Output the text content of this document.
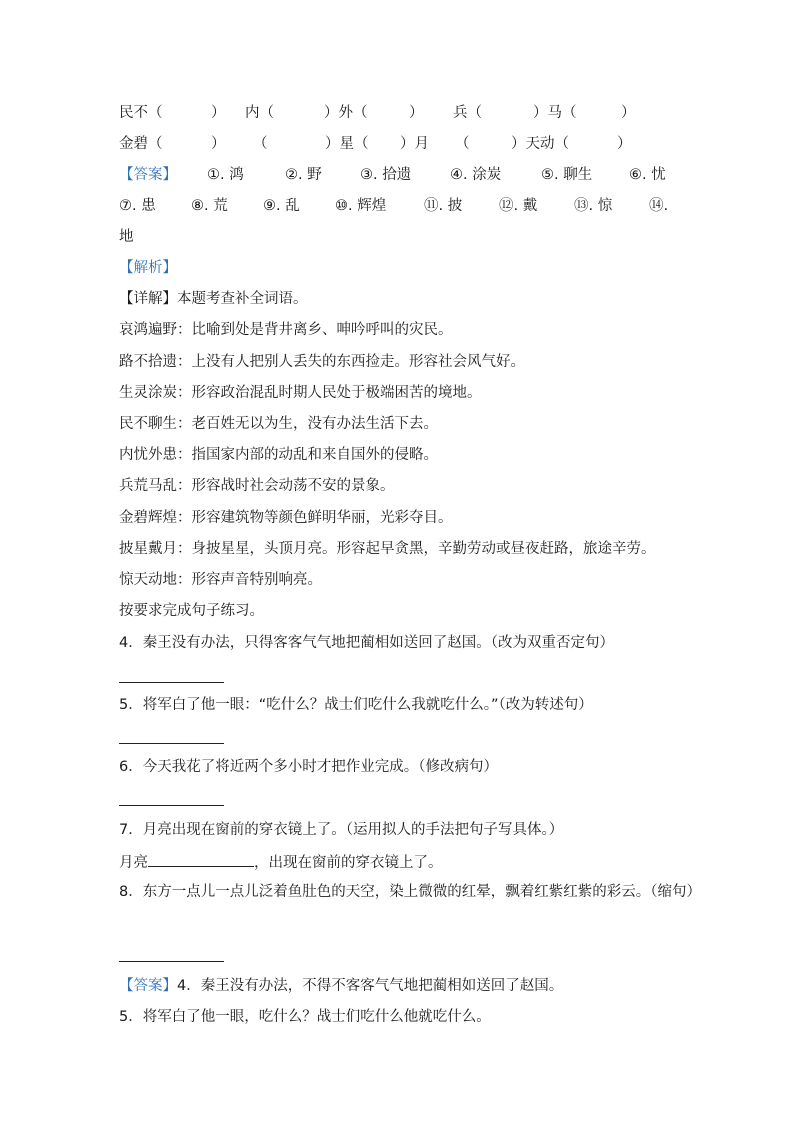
民不（	） 内（	）外（	） 兵（	）马（	）
金碧（	） （	）星（ ）月 （	）天动（	）
【答案】 ①. 鸿	②. 野	③. 拾遗	④. 涂炭	⑤. 聊生	⑥. 忧
⑦. 患 ⑧. 荒 ⑨. 乱 ⑩. 辉煌	⑪. 披	⑫. 戴	⑬. 惊	⑭.
地
【解析】
【详解】本题考查补全词语。
哀鸿遍野：比喻到处是背井离乡、呻吟呼叫的灾民。
路不拾遗：上没有人把别人丢失的东西捡走。形容社会风气好。
生灵涂炭：形容政治混乱时期人民处于极端困苦的境地。
民不聊生：老百姓无以为生，没有办法生活下去。
内忧外患：指国家内部的动乱和来自国外的侵略。
兵荒马乱：形容战时社会动荡不安的景象。
金碧辉煌：形容建筑物等颜色鲜明华丽，光彩夺目。
披星戴月：身披星星，头顶月亮。形容起早贪黑，辛勤劳动或昼夜赶路，旅途辛劳。
惊天动地：形容声音特别响亮。
按要求完成句子练习。
4．秦王没有办法，只得客客气气地把蔺相如送回了赵国。（改为双重否定句）
5．将军白了他一眼：“吃什么？战士们吃什么我就吃什么。”（改为转述句）
6．今天我花了将近两个多小时才把作业完成。（修改病句）
7．月亮出现在窗前的穿衣镜上了。（运用拟人的手法把句子写具体。）
月亮	，出现在窗前的穿衣镜上了。
8．东方一点儿一点儿泛着鱼肚色的天空，染上微微的红晕，飘着红紫红紫的彩云。（缩句）
【答案】4．秦王没有办法，不得不客客气气地把蔺相如送回了赵国。
5．将军白了他一眼，吃什么？战士们吃什么他就吃什么。
